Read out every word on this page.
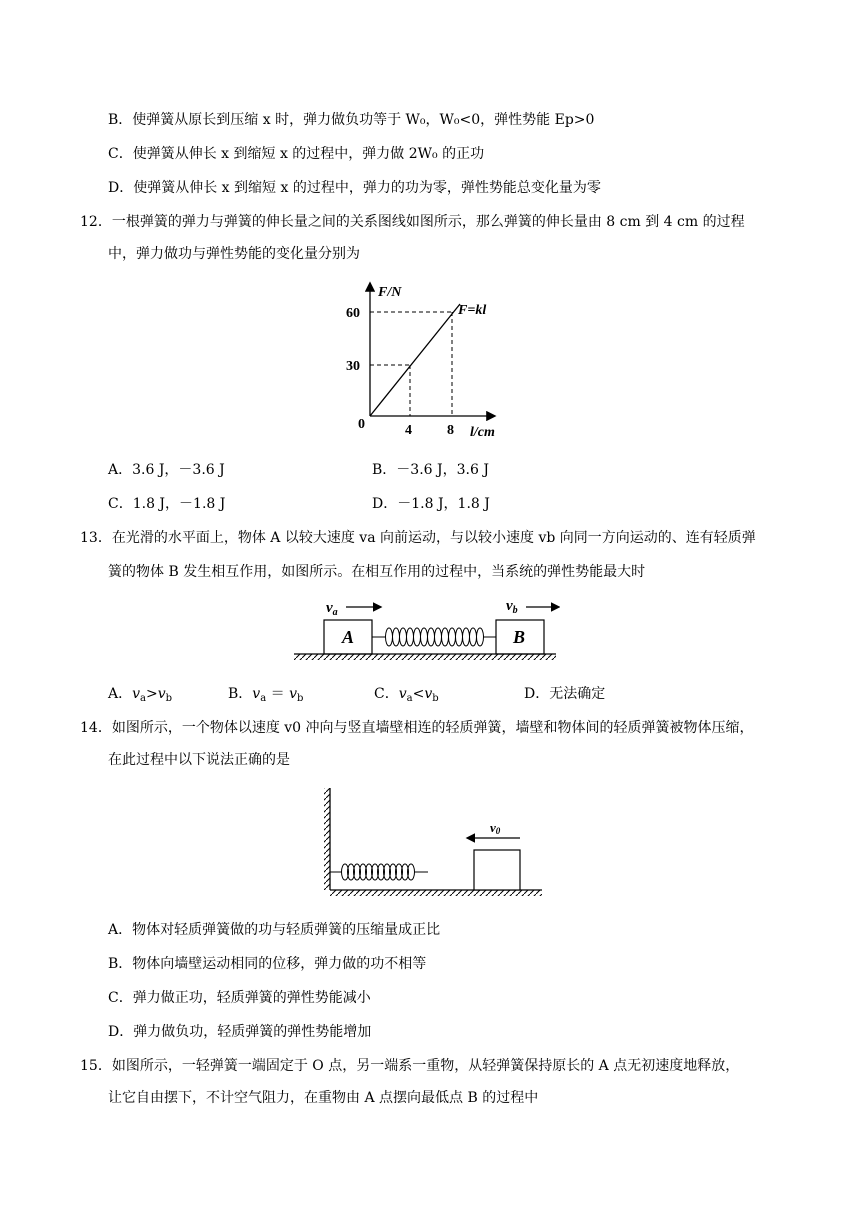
B．使弹簧从原长到压缩 x 时，弹力做负功等于 W₀，W₀<0，弹性势能 Ep>0
C．使弹簧从伸长 x 到缩短 x 的过程中，弹力做 2W₀ 的正功
D．使弹簧从伸长 x 到缩短 x 的过程中，弹力的功为零，弹性势能总变化量为零
12．一根弹簧的弹力与弹簧的伸长量之间的关系图线如图所示，那么弹簧的伸长量由 8 cm 到 4 cm 的过程
中，弹力做功与弹性势能的变化量分别为
F/N
60
30
0	4	8 l/cm
F=kl
A．3.6 J，－3.6 J	B．－3.6 J，3.6 J
C．1.8 J，－1.8 J	D．－1.8 J，1.8 J
13．在光滑的水平面上，物体 A 以较大速度 va 向前运动，与以较小速度 vb 向同一方向运动的、连有轻质弹
簧的物体 B 发生相互作用，如图所示。在相互作用的过程中，当系统的弹性势能最大时
$v_a$	$v_b$
A	B
A．$v_a>v_b$	B．$v_a = v_b$	C．$v_a<v_b$	D．无法确定
14．如图所示，一个物体以速度 v0 冲向与竖直墙壁相连的轻质弹簧，墙壁和物体间的轻质弹簧被物体压缩，
在此过程中以下说法正确的是
v0
A．物体对轻质弹簧做的功与轻质弹簧的压缩量成正比
B．物体向墙壁运动相同的位移，弹力做的功不相等
C．弹力做正功，轻质弹簧的弹性势能减小
D．弹力做负功，轻质弹簧的弹性势能增加
15．如图所示，一轻弹簧一端固定于 O 点，另一端系一重物，从轻弹簧保持原长的 A 点无初速度地释放，
让它自由摆下，不计空气阻力，在重物由 A 点摆向最低点 B 的过程中
